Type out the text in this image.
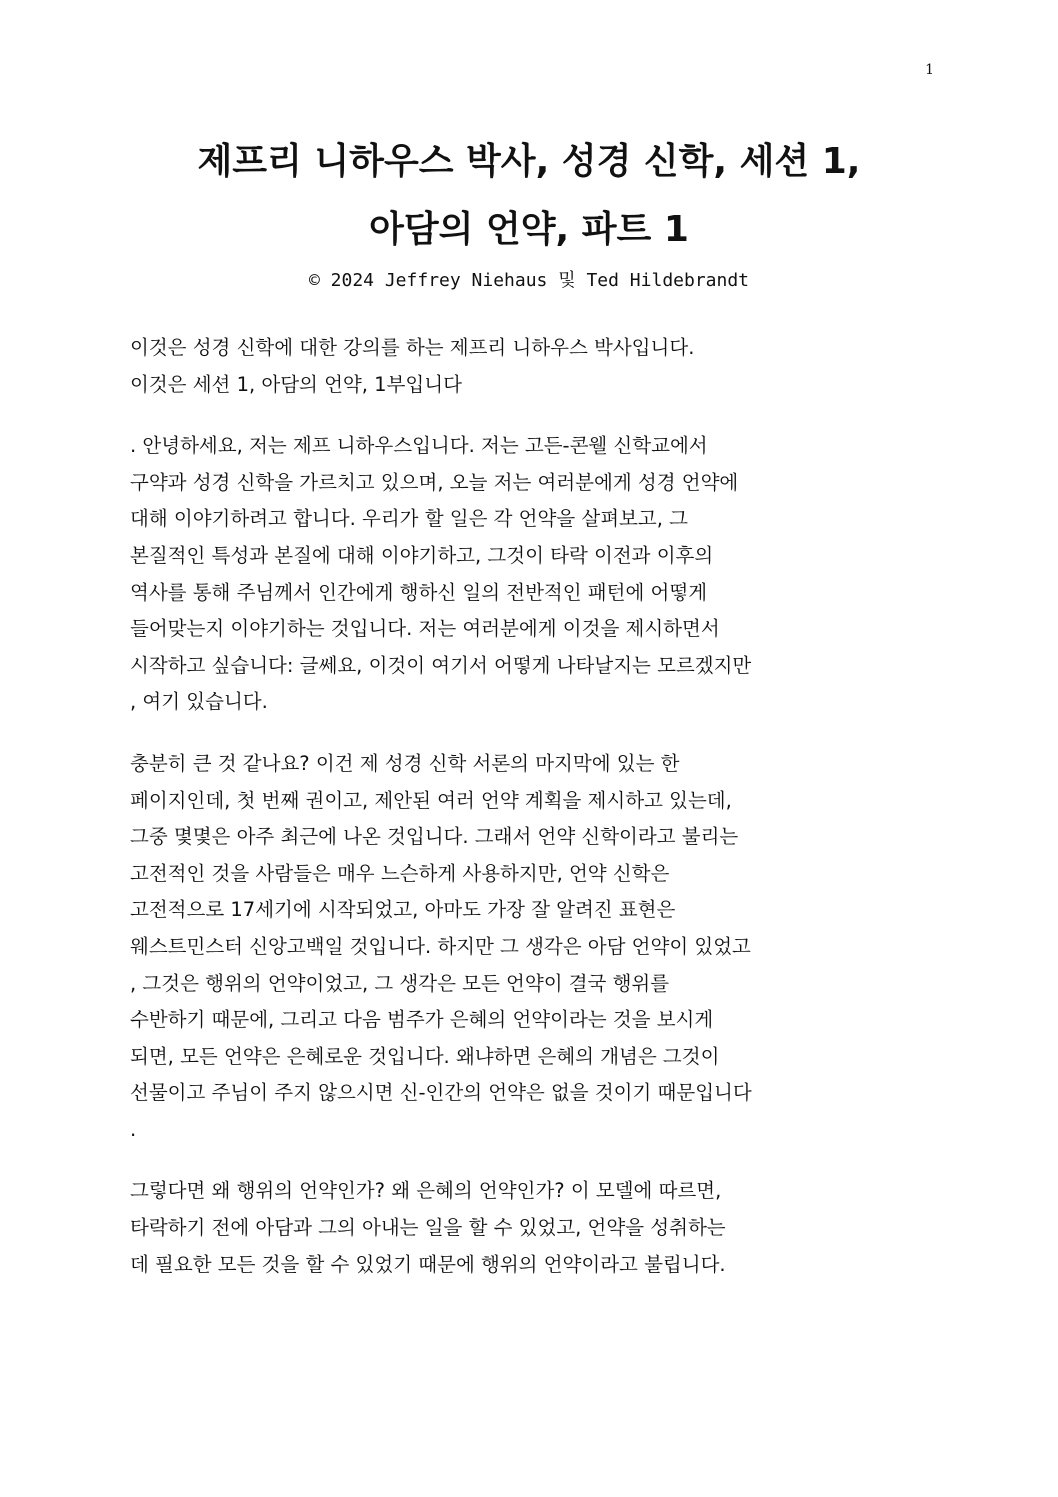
1
제프리 니하우스 박사, 성경 신학, 세션 1,
아담의 언약, 파트 1
© 2024 Jeffrey Niehaus 및 Ted Hildebrandt

이것은 성경 신학에 대한 강의를 하는 제프리 니하우스 박사입니다.
이것은 세션 1, 아담의 언약, 1부입니다

. 안녕하세요, 저는 제프 니하우스입니다. 저는 고든-콘웰 신학교에서
구약과 성경 신학을 가르치고 있으며, 오늘 저는 여러분에게 성경 언약에
대해 이야기하려고 합니다. 우리가 할 일은 각 언약을 살펴보고, 그
본질적인 특성과 본질에 대해 이야기하고, 그것이 타락 이전과 이후의
역사를 통해 주님께서 인간에게 행하신 일의 전반적인 패턴에 어떻게
들어맞는지 이야기하는 것입니다. 저는 여러분에게 이것을 제시하면서
시작하고 싶습니다: 글쎄요, 이것이 여기서 어떻게 나타날지는 모르겠지만
, 여기 있습니다.

충분히 큰 것 같나요? 이건 제 성경 신학 서론의 마지막에 있는 한
페이지인데, 첫 번째 권이고, 제안된 여러 언약 계획을 제시하고 있는데,
그중 몇몇은 아주 최근에 나온 것입니다. 그래서 언약 신학이라고 불리는
고전적인 것을 사람들은 매우 느슨하게 사용하지만, 언약 신학은
고전적으로 17세기에 시작되었고, 아마도 가장 잘 알려진 표현은
웨스트민스터 신앙고백일 것입니다. 하지만 그 생각은 아담 언약이 있었고
, 그것은 행위의 언약이었고, 그 생각은 모든 언약이 결국 행위를
수반하기 때문에, 그리고 다음 범주가 은혜의 언약이라는 것을 보시게
되면, 모든 언약은 은혜로운 것입니다. 왜냐하면 은혜의 개념은 그것이
선물이고 주님이 주지 않으시면 신-인간의 언약은 없을 것이기 때문입니다
.

그렇다면 왜 행위의 언약인가? 왜 은혜의 언약인가? 이 모델에 따르면,
타락하기 전에 아담과 그의 아내는 일을 할 수 있었고, 언약을 성취하는
데 필요한 모든 것을 할 수 있었기 때문에 행위의 언약이라고 불립니다.
